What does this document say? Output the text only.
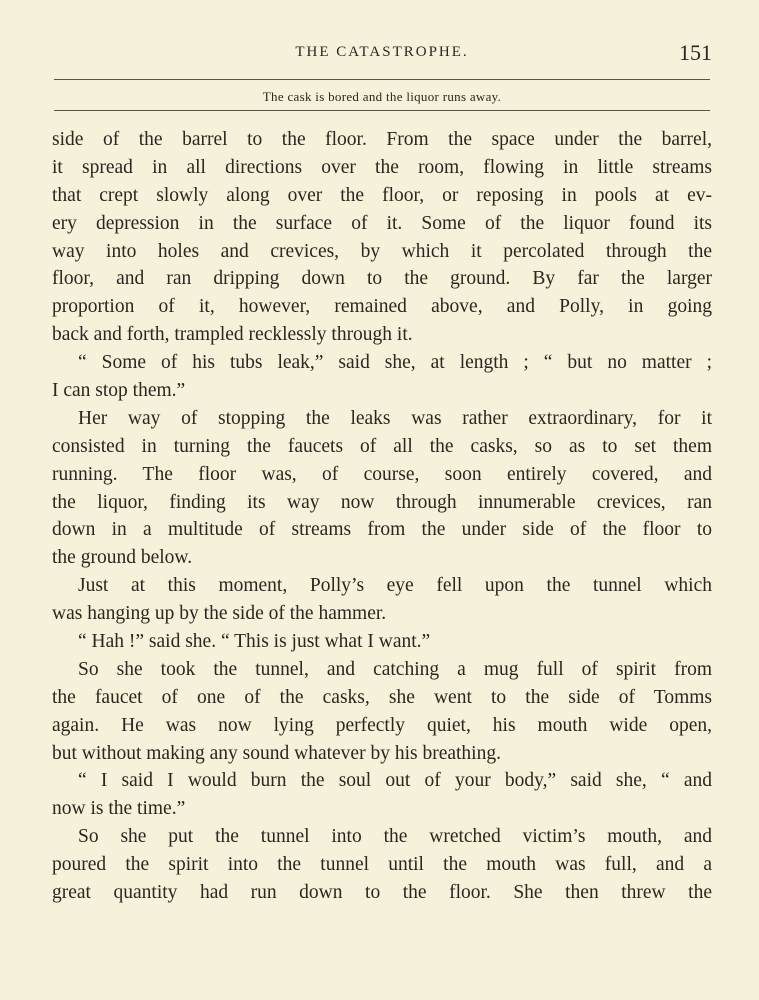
THE CATASTROPHE.	151
The cask is bored and the liquor runs away.
side of the barrel to the floor. From the space under the barrel,
it spread in all directions over the room, flowing in little streams
that crept slowly along over the floor, or reposing in pools at ev-
ery depression in the surface of it. Some of the liquor found its
way into holes and crevices, by which it percolated through the
floor, and ran dripping down to the ground. By far the larger
proportion of it, however, remained above, and Polly, in going
back and forth, trampled recklessly through it.
“ Some of his tubs leak,” said she, at length ; “ but no matter ;
I can stop them.”
Her way of stopping the leaks was rather extraordinary, for it
consisted in turning the faucets of all the casks, so as to set them
running. The floor was, of course, soon entirely covered, and
the liquor, finding its way now through innumerable crevices, ran
down in a multitude of streams from the under side of the floor to
the ground below.
Just at this moment, Polly’s eye fell upon the tunnel which
was hanging up by the side of the hammer.
“ Hah !” said she. “ This is just what I want.”
So she took the tunnel, and catching a mug full of spirit from
the faucet of one of the casks, she went to the side of Tomms
again. He was now lying perfectly quiet, his mouth wide open,
but without making any sound whatever by his breathing.
“ I said I would burn the soul out of your body,” said she, “ and
now is the time.”
So she put the tunnel into the wretched victim’s mouth, and
poured the spirit into the tunnel until the mouth was full, and a
great quantity had run down to the floor. She then threw the
